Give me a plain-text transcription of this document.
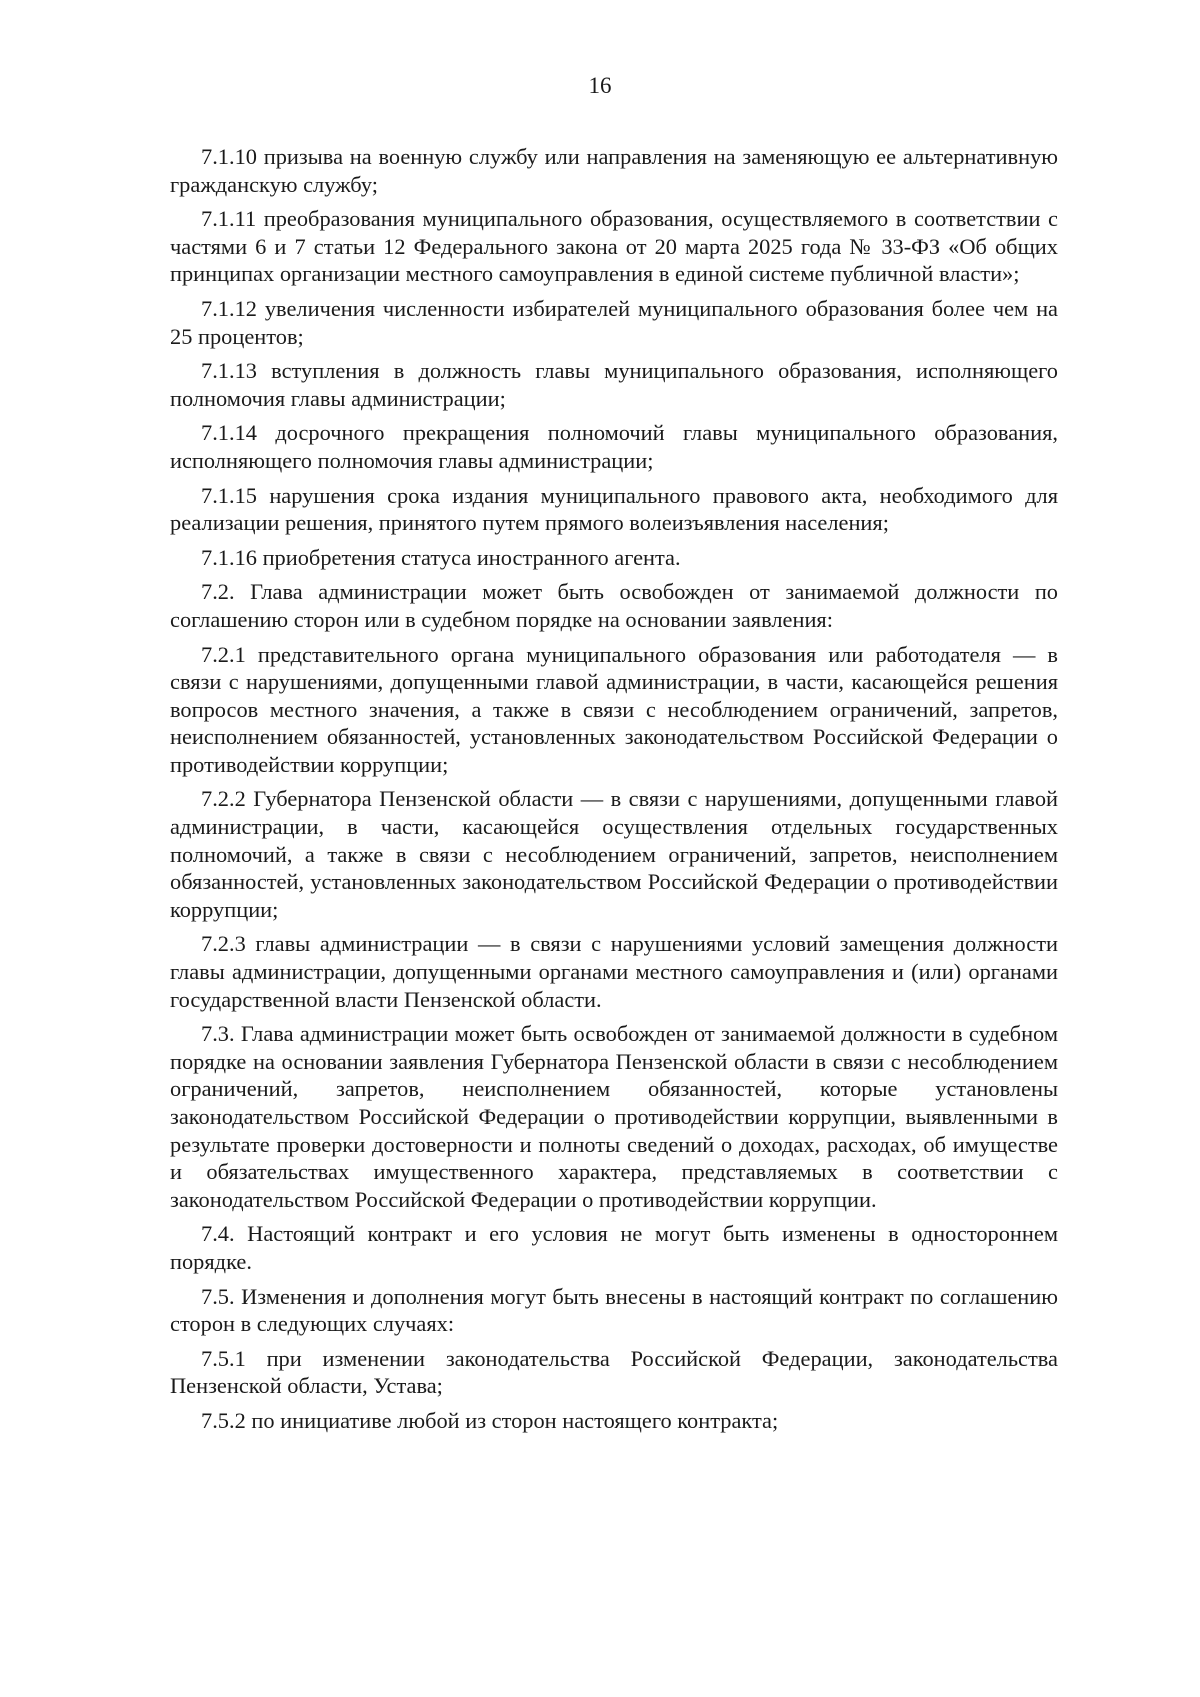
16

7.1.10 призыва на военную службу или направления на заменяющую ее альтернативную гражданскую службу;

7.1.11 преобразования муниципального образования, осуществляемого в соответствии с частями 6 и 7 статьи 12 Федерального закона от 20 марта 2025 года № 33-ФЗ «Об общих принципах организации местного самоуправления в единой системе публичной власти»;

7.1.12 увеличения численности избирателей муниципального образования более чем на 25 процентов;

7.1.13 вступления в должность главы муниципального образования, исполняющего полномочия главы администрации;

7.1.14 досрочного прекращения полномочий главы муниципального образования, исполняющего полномочия главы администрации;

7.1.15 нарушения срока издания муниципального правового акта, необходимого для реализации решения, принятого путем прямого волеизъявления населения;

7.1.16 приобретения статуса иностранного агента.

7.2. Глава администрации может быть освобожден от занимаемой должности по соглашению сторон или в судебном порядке на основании заявления:

7.2.1 представительного органа муниципального образования или работодателя — в связи с нарушениями, допущенными главой администрации, в части, касающейся решения вопросов местного значения, а также в связи с несоблюдением ограничений, запретов, неисполнением обязанностей, установленных законодательством Российской Федерации о противодействии коррупции;

7.2.2 Губернатора Пензенской области — в связи с нарушениями, допущенными главой администрации, в части, касающейся осуществления отдельных государственных полномочий, а также в связи с несоблюдением ограничений, запретов, неисполнением обязанностей, установленных законодательством Российской Федерации о противодействии коррупции;

7.2.3 главы администрации — в связи с нарушениями условий замещения должности главы администрации, допущенными органами местного самоуправления и (или) органами государственной власти Пензенской области.

7.3. Глава администрации может быть освобожден от занимаемой должности в судебном порядке на основании заявления Губернатора Пензенской области в связи с несоблюдением ограничений, запретов, неисполнением обязанностей, которые установлены законодательством Российской Федерации о противодействии коррупции, выявленными в результате проверки достоверности и полноты сведений о доходах, расходах, об имуществе и обязательствах имущественного характера, представляемых в соответствии с законодательством Российской Федерации о противодействии коррупции.

7.4. Настоящий контракт и его условия не могут быть изменены в одностороннем порядке.

7.5. Изменения и дополнения могут быть внесены в настоящий контракт по соглашению сторон в следующих случаях:

7.5.1 при изменении законодательства Российской Федерации, законодательства Пензенской области, Устава;

7.5.2 по инициативе любой из сторон настоящего контракта;
